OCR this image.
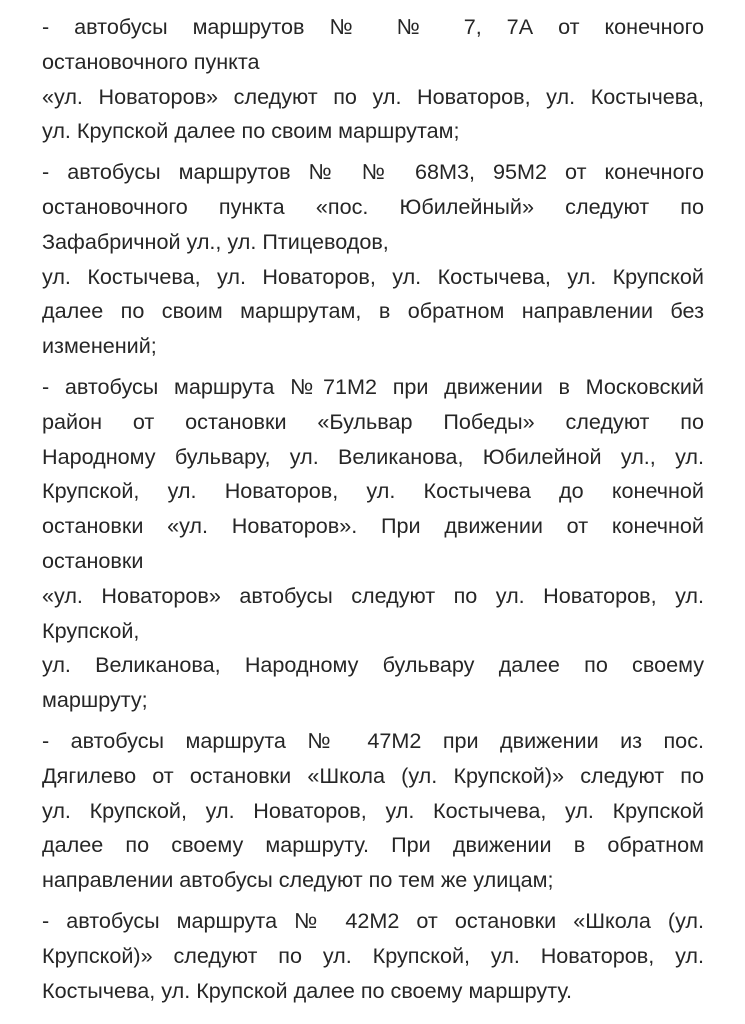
- автобусы маршрутов № № 7, 7А от конечного
остановочного пункта
«ул. Новаторов» следуют по ул. Новаторов, ул. Костычева,
ул. Крупской далее по своим маршрутам;
- автобусы маршрутов № № 68М3, 95М2 от конечного
остановочного пункта «пос. Юбилейный» следуют по
Зафабричной ул., ул. Птицеводов,
ул. Костычева, ул. Новаторов, ул. Костычева, ул. Крупской
далее по своим маршрутам, в обратном направлении без
изменений;
- автобусы маршрута №71М2 при движении в Московский
район от остановки «Бульвар Победы» следуют по
Народному бульвару, ул. Великанова, Юбилейной ул., ул.
Крупской, ул. Новаторов, ул. Костычева до конечной
остановки «ул. Новаторов». При движении от конечной
остановки
«ул. Новаторов» автобусы следуют по ул. Новаторов, ул.
Крупской,
ул. Великанова, Народному бульвару далее по своему
маршруту;
- автобусы маршрута № 47М2 при движении из пос.
Дягилево от остановки «Школа (ул. Крупской)» следуют по
ул. Крупской, ул. Новаторов, ул. Костычева, ул. Крупской
далее по своему маршруту. При движении в обратном
направлении автобусы следуют по тем же улицам;
- автобусы маршрута № 42М2 от остановки «Школа (ул.
Крупской)» следуют по ул. Крупской, ул. Новаторов, ул.
Костычева, ул. Крупской далее по своему маршруту.
